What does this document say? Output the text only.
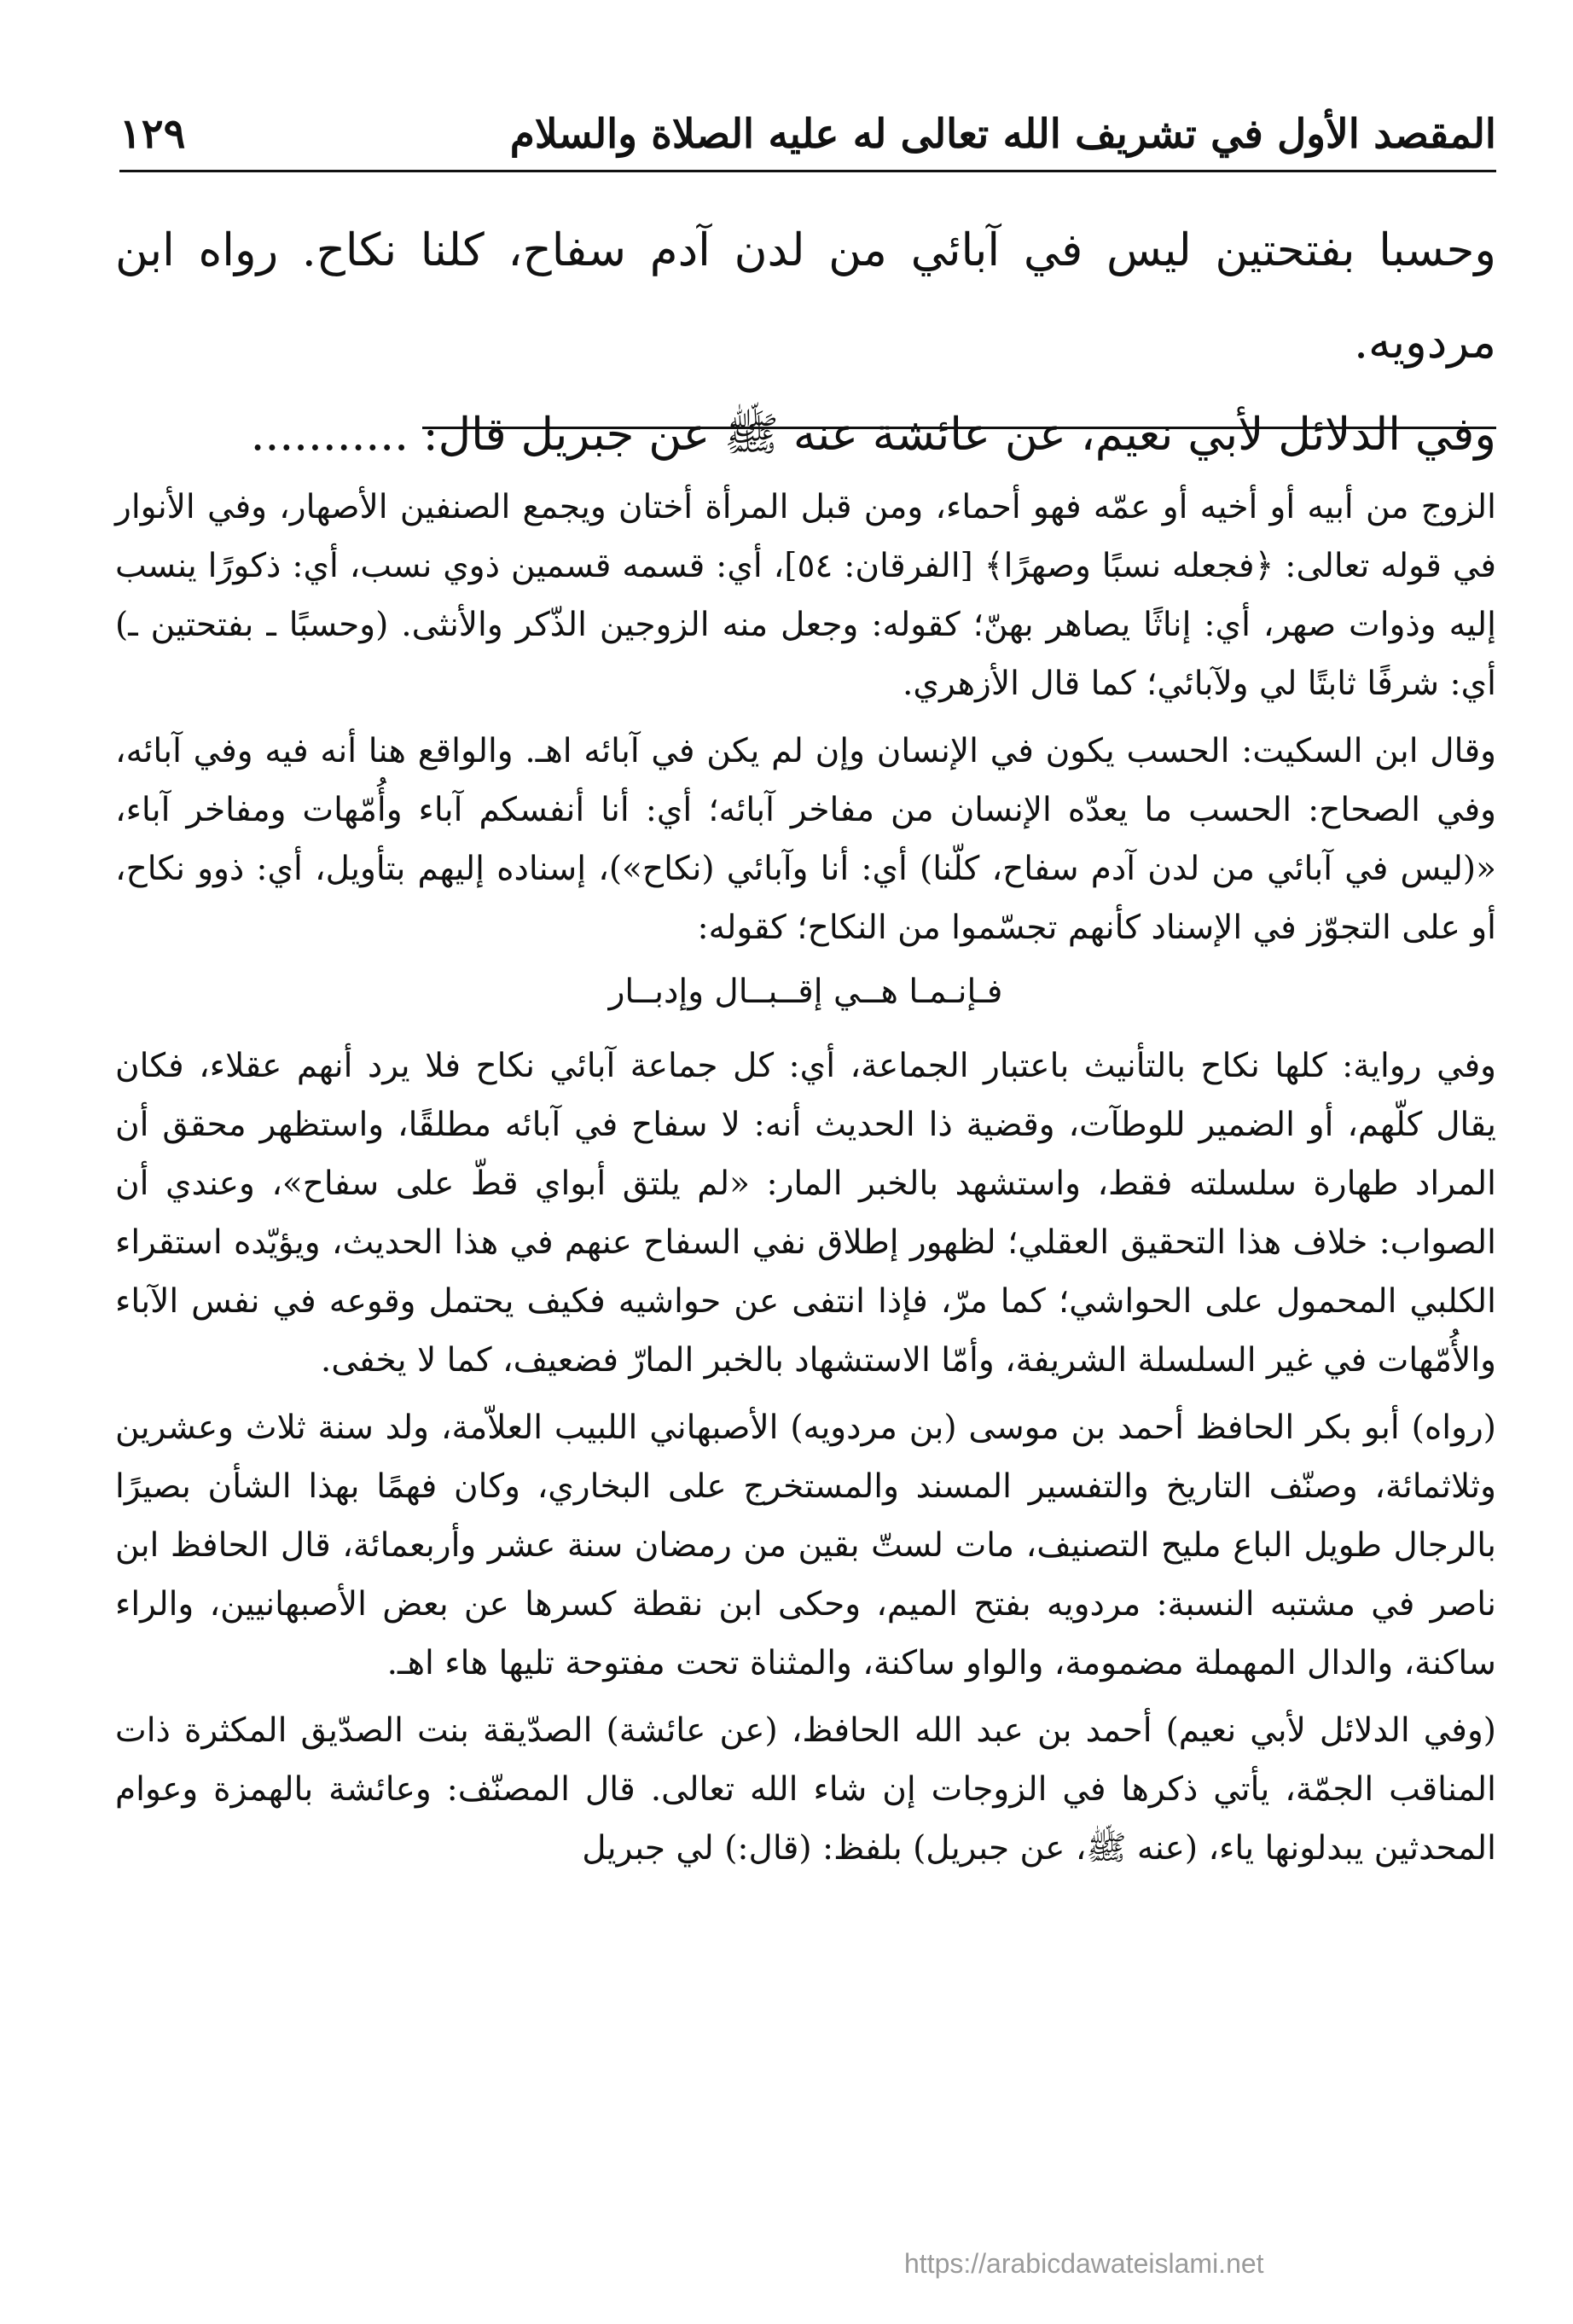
١٢٩	المقصد الأول في تشريف الله تعالى له عليه الصلاة والسلام

وحسبا بفتحتين ليس في آبائي من لدن آدم سفاح، كلنا نكاح. رواه ابن مردويه.

وفي الدلائل لأبي نعيم، عن عائشة عنه ﷺ عن جبريل قال: ...........

الزوج من أبيه أو أخيه أو عمّه فهو أحماء، ومن قبل المرأة أختان ويجمع الصنفين الأصهار، وفي الأنوار في قوله تعالى: ﴿فجعله نسبًا وصهرًا﴾ [الفرقان: ٥٤]، أي: قسمه قسمين ذوي نسب، أي: ذكورًا ينسب إليه وذوات صهر، أي: إناثًا يصاهر بهنّ؛ كقوله: وجعل منه الزوجين الذّكر والأنثى. (وحسبًا ـ بفتحتين ـ) أي: شرفًا ثابتًا لي ولآبائي؛ كما قال الأزهري.

وقال ابن السكيت: الحسب يكون في الإنسان وإن لم يكن في آبائه اهـ. والواقع هنا أنه فيه وفي آبائه، وفي الصحاح: الحسب ما يعدّه الإنسان من مفاخر آبائه؛ أي: أنا أنفسكم آباء وأُمّهات ومفاخر آباء، «(ليس في آبائي من لدن آدم سفاح، كلّنا) أي: أنا وآبائي (نكاح»)، إسناده إليهم بتأويل، أي: ذوو نكاح، أو على التجوّز في الإسناد كأنهم تجسّموا من النكاح؛ كقوله:

فـإنـمـا هــي إقــبــال وإدبــار

وفي رواية: كلها نكاح بالتأنيث باعتبار الجماعة، أي: كل جماعة آبائي نكاح فلا يرد أنهم عقلاء، فكان يقال كلّهم، أو الضمير للوطآت، وقضية ذا الحديث أنه: لا سفاح في آبائه مطلقًا، واستظهر محقق أن المراد طهارة سلسلته فقط، واستشهد بالخبر المار: «لم يلتق أبواي قطّ على سفاح»، وعندي أن الصواب: خلاف هذا التحقيق العقلي؛ لظهور إطلاق نفي السفاح عنهم في هذا الحديث، ويؤيّده استقراء الكلبي المحمول على الحواشي؛ كما مرّ، فإذا انتفى عن حواشيه فكيف يحتمل وقوعه في نفس الآباء والأُمّهات في غير السلسلة الشريفة، وأمّا الاستشهاد بالخبر المارّ فضعيف، كما لا يخفى.

(رواه) أبو بكر الحافظ أحمد بن موسى (بن مردويه) الأصبهاني اللبيب العلاّمة، ولد سنة ثلاث وعشرين وثلاثمائة، وصنّف التاريخ والتفسير المسند والمستخرج على البخاري، وكان فهمًا بهذا الشأن بصيرًا بالرجال طويل الباع مليح التصنيف، مات لستّ بقين من رمضان سنة عشر وأربعمائة، قال الحافظ ابن ناصر في مشتبه النسبة: مردويه بفتح الميم، وحكى ابن نقطة كسرها عن بعض الأصبهانيين، والراء ساكنة، والدال المهملة مضمومة، والواو ساكنة، والمثناة تحت مفتوحة تليها هاء اهـ.

(وفي الدلائل لأبي نعيم) أحمد بن عبد الله الحافظ، (عن عائشة) الصدّيقة بنت الصدّيق المكثرة ذات المناقب الجمّة، يأتي ذكرها في الزوجات إن شاء الله تعالى. قال المصنّف: وعائشة بالهمزة وعوام المحدثين يبدلونها ياء، (عنه ﷺ، عن جبريل) بلفظ: (قال:) لي جبريل

https://arabicdawateislami.net
